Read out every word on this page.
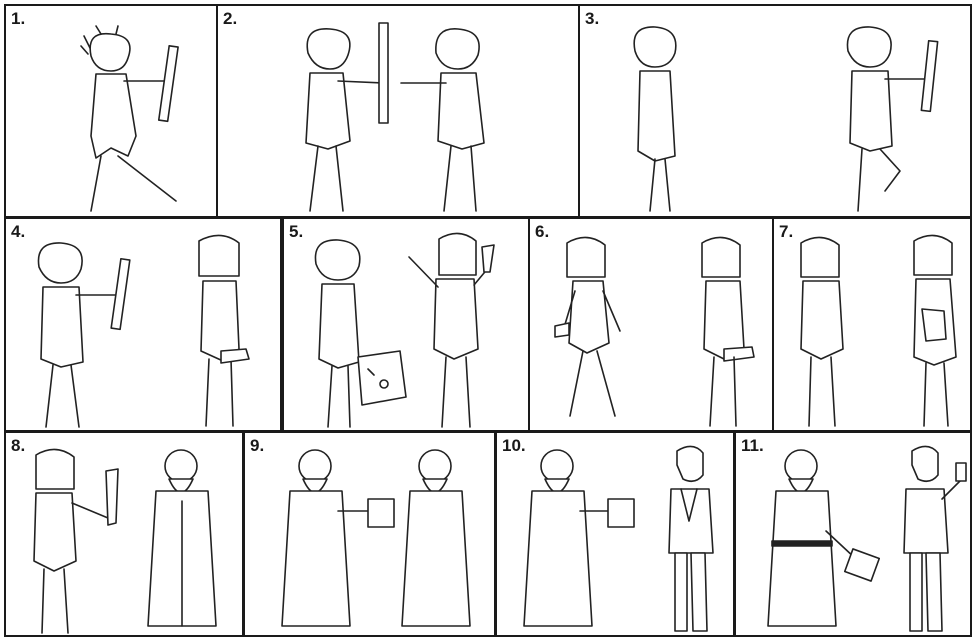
1.	2.	3.
4.	5.	6.	7.
8.	9.	10.	11.
